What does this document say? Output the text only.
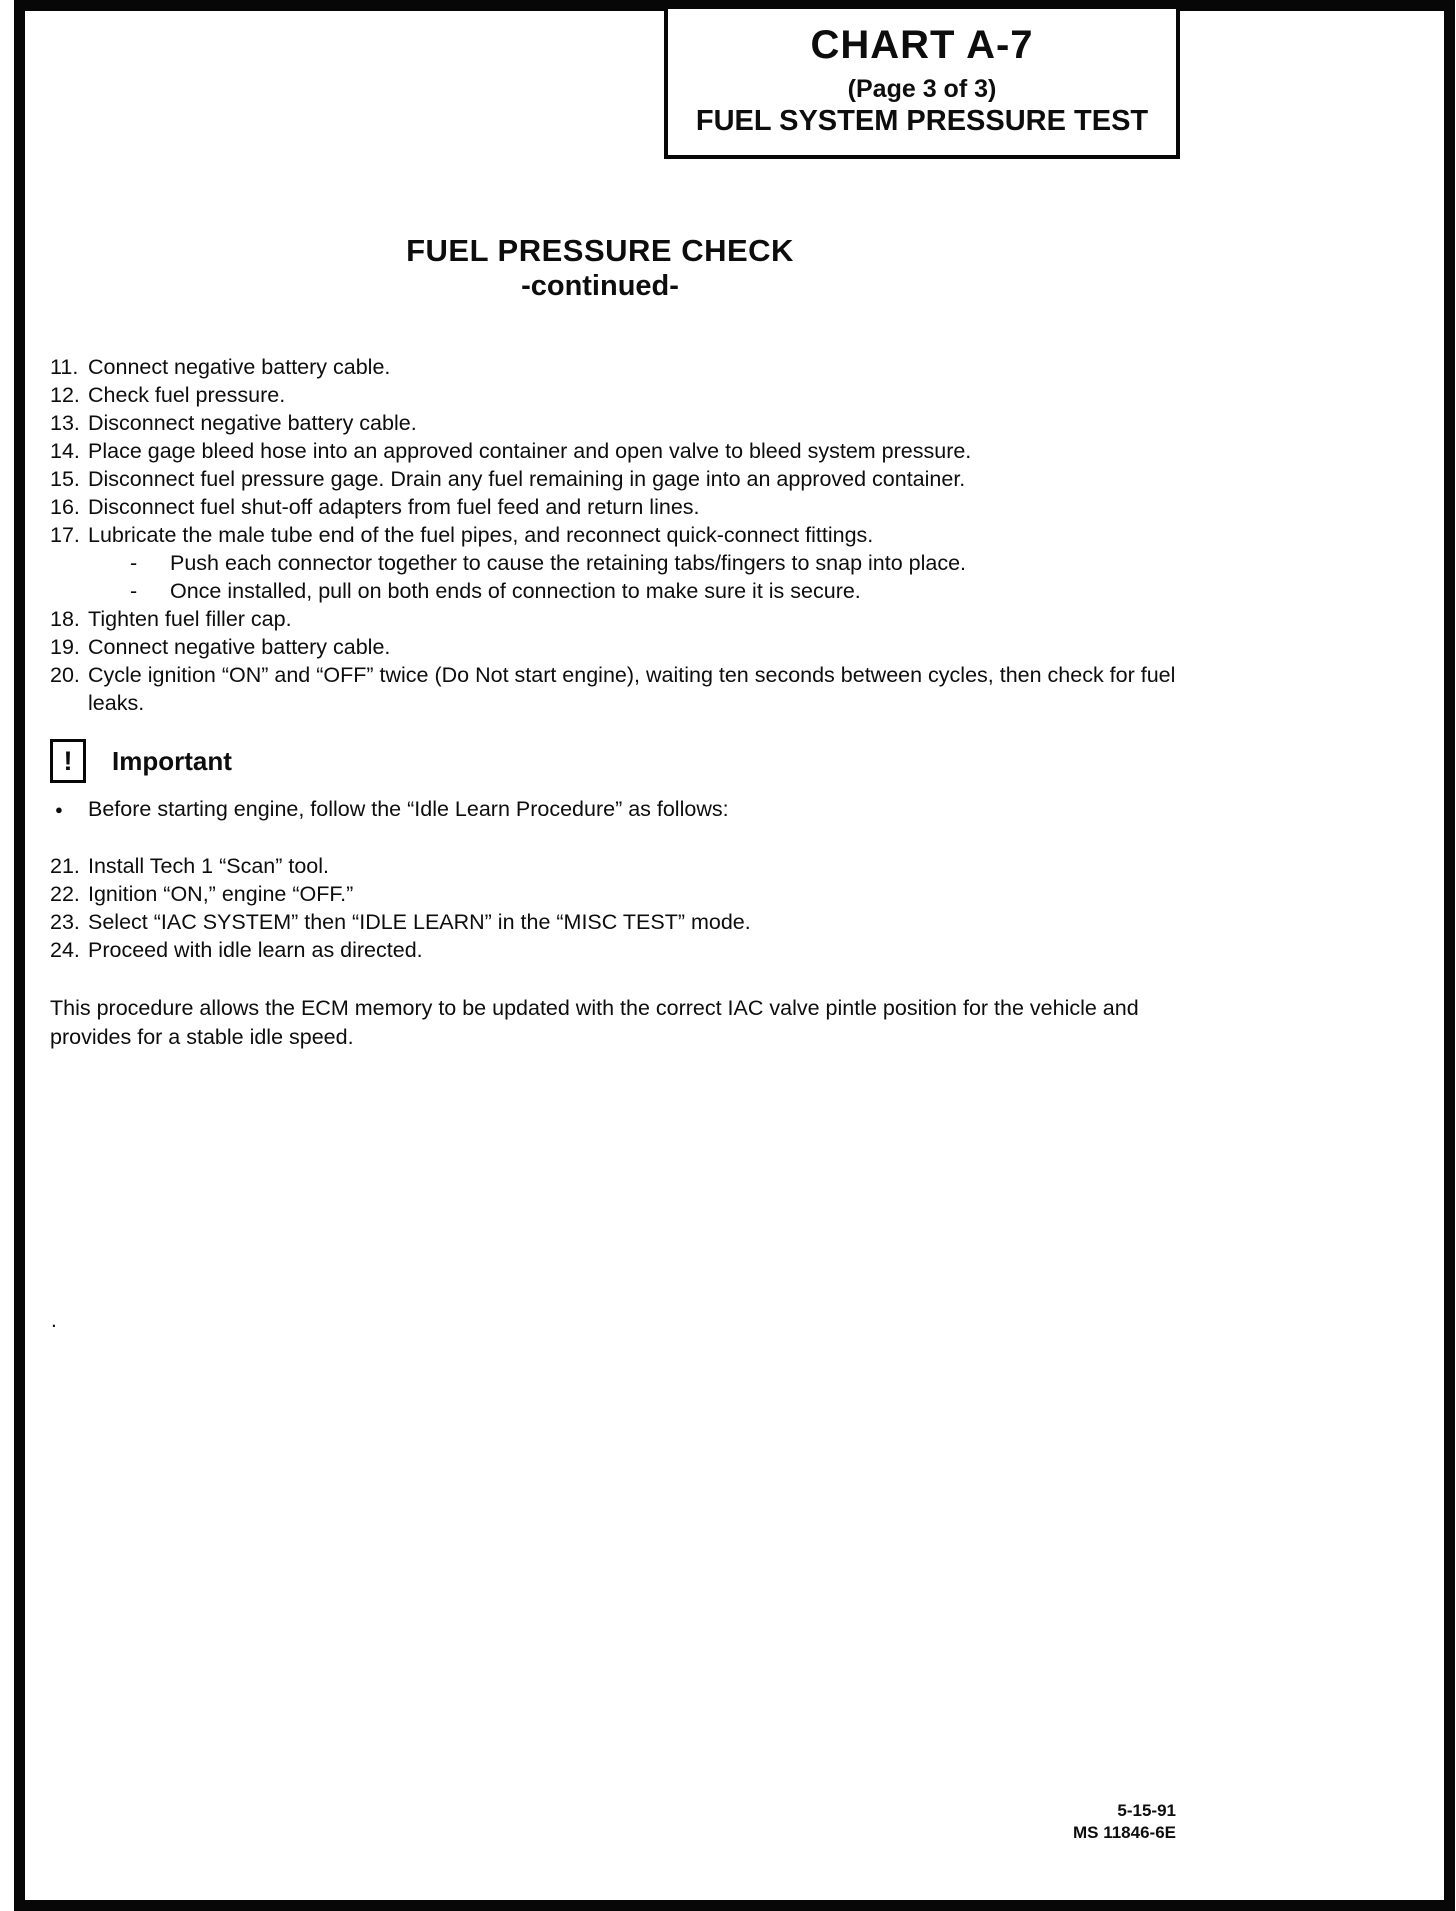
CHART A-7
(Page 3 of 3)
FUEL SYSTEM PRESSURE TEST
FUEL PRESSURE CHECK
-continued-
11. Connect negative battery cable.
12. Check fuel pressure.
13. Disconnect negative battery cable.
14. Place gage bleed hose into an approved container and open valve to bleed system pressure.
15. Disconnect fuel pressure gage. Drain any fuel remaining in gage into an approved container.
16. Disconnect fuel shut-off adapters from fuel feed and return lines.
17. Lubricate the male tube end of the fuel pipes, and reconnect quick-connect fittings.
-	Push each connector together to cause the retaining tabs/fingers to snap into place.
-	Once installed, pull on both ends of connection to make sure it is secure.
18. Tighten fuel filler cap.
19. Connect negative battery cable.
20. Cycle ignition “ON” and “OFF” twice (Do Not start engine), waiting ten seconds between cycles, then check for fuel leaks.
!	Important
●	Before starting engine, follow the “Idle Learn Procedure” as follows:
21. Install Tech 1 “Scan” tool.
22. Ignition “ON,” engine “OFF.”
23. Select “IAC SYSTEM” then “IDLE LEARN” in the “MISC TEST” mode.
24. Proceed with idle learn as directed.
This procedure allows the ECM memory to be updated with the correct IAC valve pintle position for the vehicle and provides for a stable idle speed.
.
5-15-91
MS 11846-6E
